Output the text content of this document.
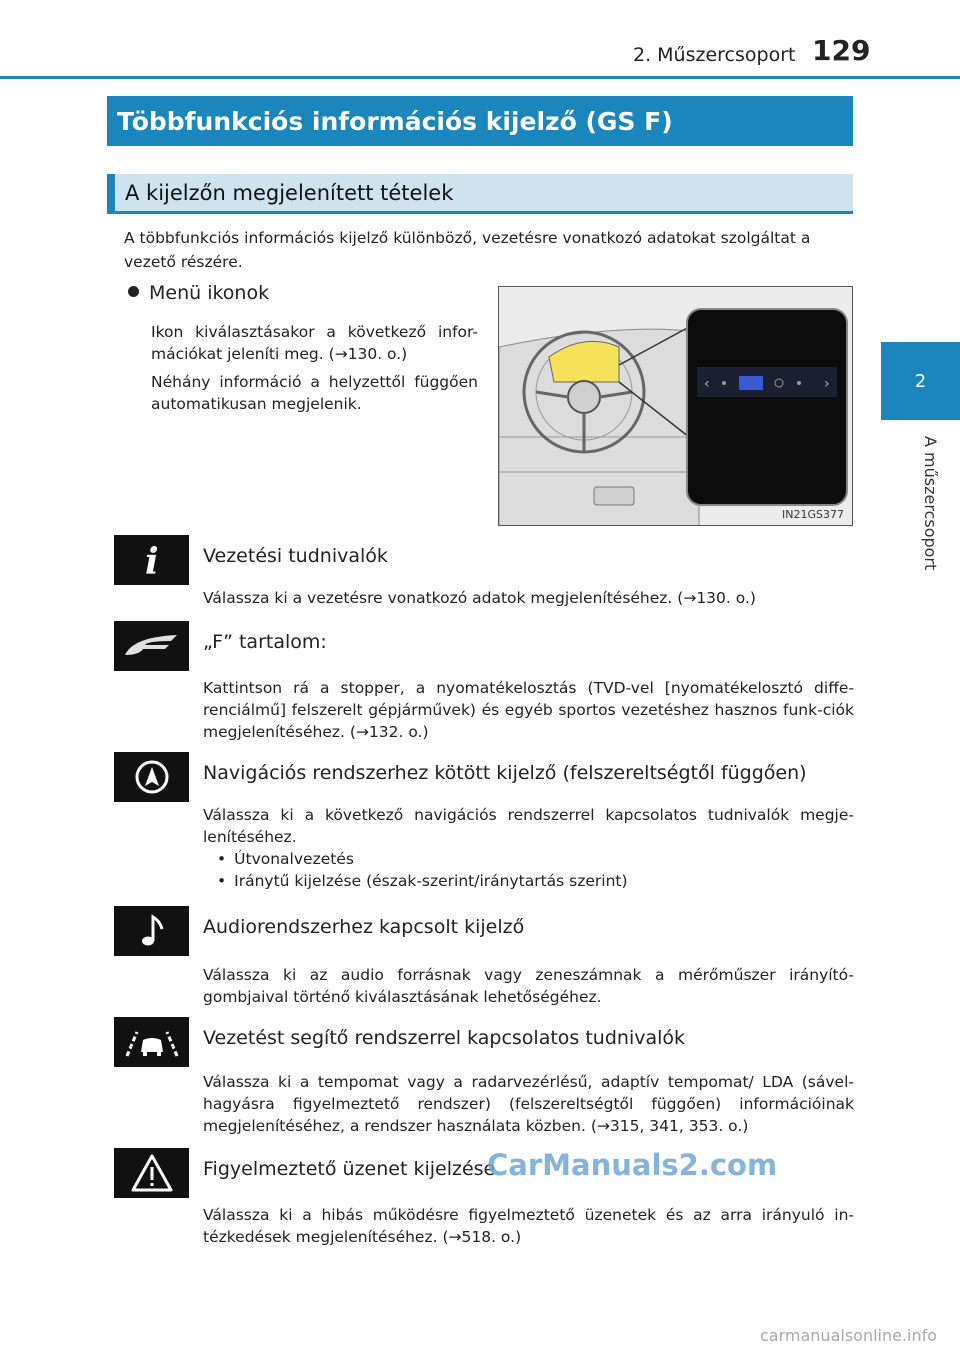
2. Műszercsoport 129
2
A műszercsoport
Többfunkciós információs kijelző (GS F)
A kijelzőn megjelenített tételek
A többfunkciós információs kijelző különböző, vezetésre vonatkozó adatokat szolgáltat a vezető részére.
Menü ikonok

Ikon kiválasztásakor a következő infor-mációkat jeleníti meg. (→130. o.)

Néhány információ a helyzettől függően automatikusan megjelenik.

‹	›
IN21GS377
i Vezetési tudnivalók
Válassza ki a vezetésre vonatkozó adatok megjelenítéséhez. (→130. o.)
„F” tartalom:
Kattintson rá a stopper, a nyomatékelosztás (TVD-vel [nyomatékelosztó diffe-renciálmű] felszerelt gépjárművek) és egyéb sportos vezetéshez hasznos funk-ciók megjelenítéséhez. (→132. o.)
Navigációs rendszerhez kötött kijelző (felszereltségtől függően)
Válassza ki a következő navigációs rendszerrel kapcsolatos tudnivalók megje-lenítéséhez.
• Útvonalvezetés
• Iránytű kijelzése (észak-szerint/iránytartás szerint)
Audiorendszerhez kapcsolt kijelző
Válassza ki az audio forrásnak vagy zeneszámnak a mérőműszer irányító-gombjaival történő kiválasztásának lehetőségéhez.
Vezetést segítő rendszerrel kapcsolatos tudnivalók
Válassza ki a tempomat vagy a radarvezérlésű, adaptív tempomat/ LDA (sável-hagyásra figyelmeztető rendszer) (felszereltségtől függően) információinak megjelenítéséhez, a rendszer használata közben. (→315, 341, 353. o.)
Figyelmeztető üzenet kijelzése
Válassza ki a hibás működésre figyelmeztető üzenetek és az arra irányuló in-tézkedések megjelenítéséhez. (→518. o.)
CarManuals2.com
carmanualsonline.info
